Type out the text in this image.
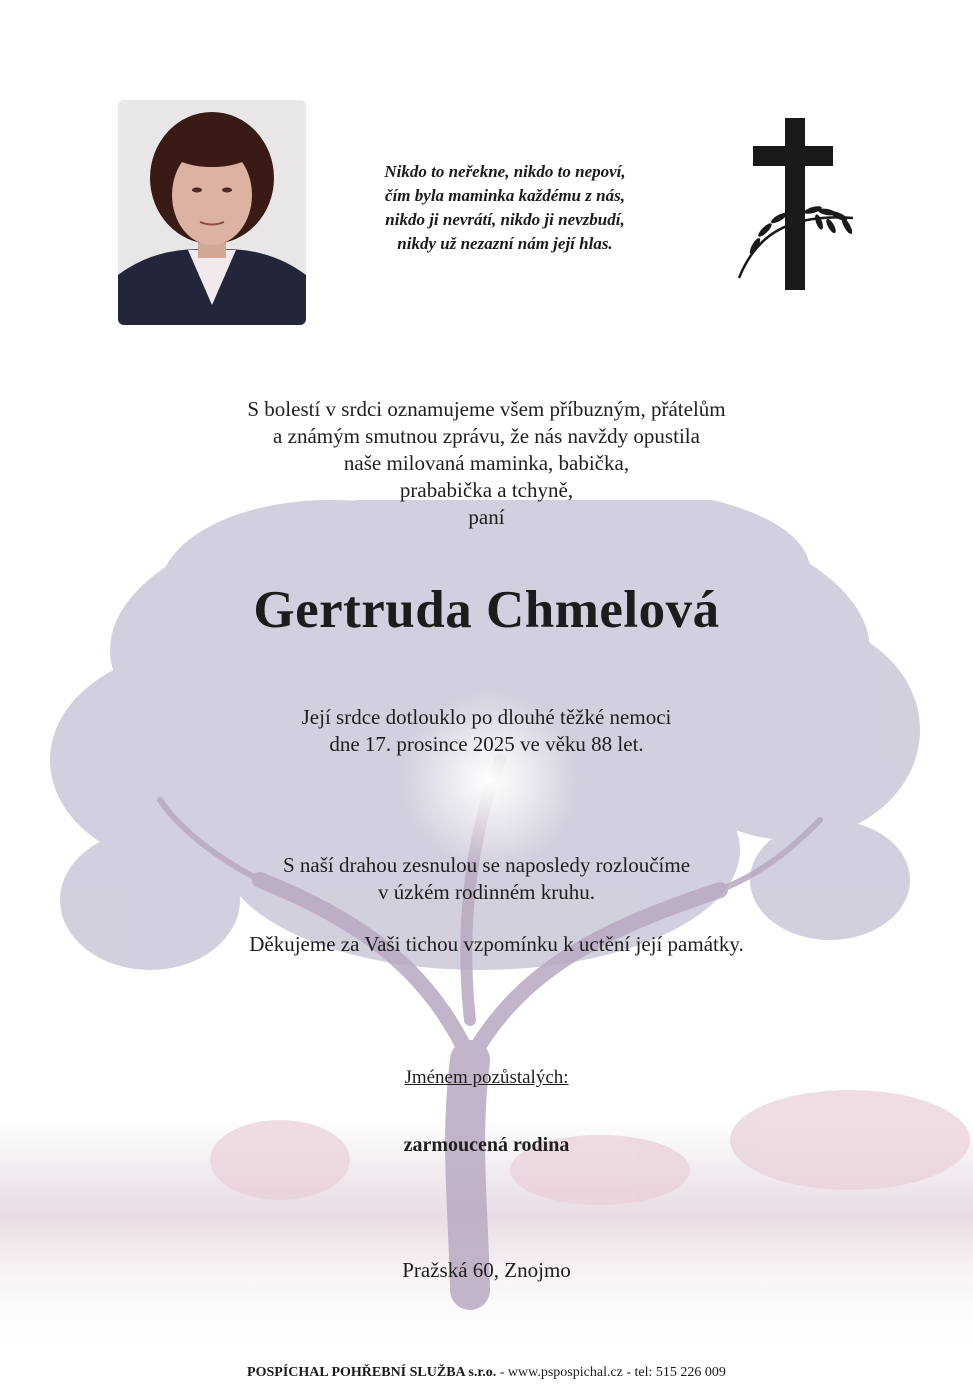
Nikdo to neřekne, nikdo to nepoví,
čím byla maminka každému z nás,
nikdo ji nevrátí, nikdo ji nevzbudí,
nikdy už nezazní nám její hlas.
S bolestí v srdci oznamujeme všem příbuzným, přátelům
a známým smutnou zprávu, že nás navždy opustila
naše milovaná maminka, babička,
prababička a tchyně,
paní
Gertruda Chmelová
Její srdce dotlouklo po dlouhé těžké nemoci
dne 17. prosince 2025 ve věku 88 let.
S naší drahou zesnulou se naposledy rozloučíme
v úzkém rodinném kruhu.
Děkujeme za Vaši tichou vzpomínku k uctění její památky.
Jménem pozůstalých:
zarmoucená rodina
Pražská 60, Znojmo
POSPÍCHAL POHŘEBNÍ SLUŽBA s.r.o. - www.pspospichal.cz - tel: 515 226 009
